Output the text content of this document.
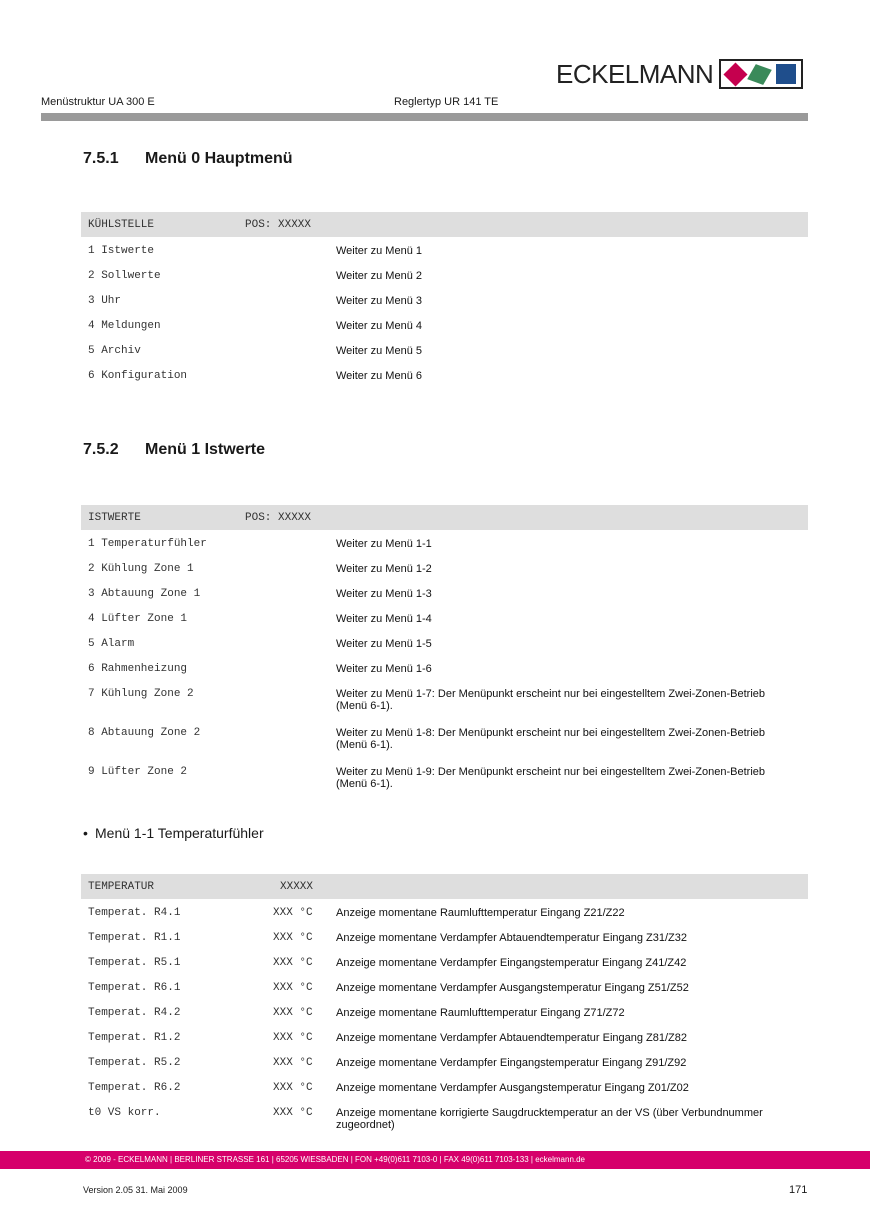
ECKELMANN
Menüstruktur UA 300 E	Reglertyp UR 141 TE
7.5.1 Menü 0 Hauptmenü
KÜHLSTELLE	POS: XXXXX
1 Istwerte	Weiter zu Menü 1
2 Sollwerte	Weiter zu Menü 2
3 Uhr	Weiter zu Menü 3
4 Meldungen	Weiter zu Menü 4
5 Archiv	Weiter zu Menü 5
6 Konfiguration	Weiter zu Menü 6
7.5.2 Menü 1 Istwerte
ISTWERTE	POS: XXXXX
1 Temperaturfühler	Weiter zu Menü 1-1
2 Kühlung Zone 1	Weiter zu Menü 1-2
3 Abtauung Zone 1	Weiter zu Menü 1-3
4 Lüfter Zone 1	Weiter zu Menü 1-4
5 Alarm	Weiter zu Menü 1-5
6 Rahmenheizung	Weiter zu Menü 1-6
7 Kühlung Zone 2	Weiter zu Menü 1-7: Der Menüpunkt erscheint nur bei eingestelltem Zwei-Zonen-Betrieb (Menü 6-1).
8 Abtauung Zone 2	Weiter zu Menü 1-8: Der Menüpunkt erscheint nur bei eingestelltem Zwei-Zonen-Betrieb (Menü 6-1).
9 Lüfter Zone 2	Weiter zu Menü 1-9: Der Menüpunkt erscheint nur bei eingestelltem Zwei-Zonen-Betrieb (Menü 6-1).
• Menü 1-1 Temperaturfühler
TEMPERATUR	XXXXX
Temperat. R4.1	XXX °C Anzeige momentane Raumlufttemperatur Eingang Z21/Z22
Temperat. R1.1	XXX °C Anzeige momentane Verdampfer Abtauendtemperatur Eingang Z31/Z32
Temperat. R5.1	XXX °C Anzeige momentane Verdampfer Eingangstemperatur Eingang Z41/Z42
Temperat. R6.1	XXX °C Anzeige momentane Verdampfer Ausgangstemperatur Eingang Z51/Z52
Temperat. R4.2	XXX °C Anzeige momentane Raumlufttemperatur Eingang Z71/Z72
Temperat. R1.2	XXX °C Anzeige momentane Verdampfer Abtauendtemperatur Eingang Z81/Z82
Temperat. R5.2	XXX °C Anzeige momentane Verdampfer Eingangstemperatur Eingang Z91/Z92
Temperat. R6.2	XXX °C Anzeige momentane Verdampfer Ausgangstemperatur Eingang Z01/Z02
t0 VS korr.	XXX °C Anzeige momentane korrigierte Saugdrucktemperatur an der VS (über Verbundnummer zugeordnet)
© 2009 - ECKELMANN | BERLINER STRASSE 161 | 65205 WIESBADEN | FON +49(0)611 7103-0 | FAX 49(0)611 7103-133 | eckelmann.de
Version 2.05 31. Mai 2009	171
